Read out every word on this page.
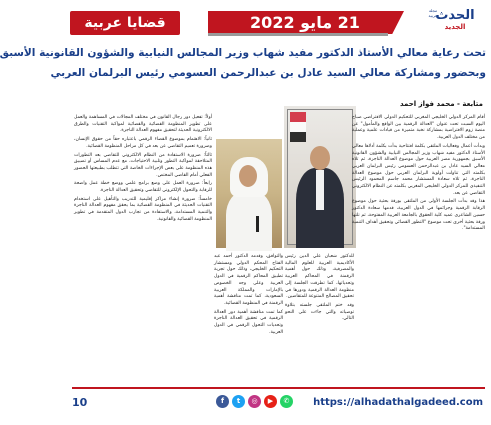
مجلة عربية
الحدث
الجديد
21 مايو 2022
قضايا عربية
تحت رعاية معالي الأستاذ الدكتور مفيد شهاب وزير المجالس النيابية والشؤون القانونية الأسبق
وبحضور ومشاركة معالي السيد عادل بن عبدالرحمن العسومي رئيس البرلمان العربي
متابعة - محمد فواز احمد

أقام المركز الدولي الخليجي المغربي للتحكيم الدولي الافتراضي صباح اليوم السبت تحت عنوان "العدالة الرقمية بين الواقع والمأمول" عن منصة زوم الافتراضية بمشاركة نخبة متميزة من قيادات علمية وعملية من مختلف الدول العربية.

وبدأت أعمال وفعاليات الملتقى بكلمة افتتاحية بدأت بكلمة أدلاها معالي الأستاذ الدكتور مفيد شهاب وزير المجالس النيابية والشؤون القانونية الأسبق بجمهورية مصر العربية حول موضوع العدالة الناجزة، ثم تلاه معالي السيد عادل بن عبدالرحمن العسومي رئيس البرلمان العربي بكلمته التي تناولت أولوية البرلمان العربي حول موضوع العدالة الناجزة، ثم تلاه سعادة المستشار محمد جاسم المحمود الرئيس التنفيذي للمركز الدولي الخليجي المغربي بكلمته عن النظام الالكتروني التقاضي عن بعد.

هذا وقد بدأت الجلسة الأولى من الملتقى بورقة بحثية حول موضوع الرقابة الرقمية وجرائمها في الدول العربية، قدمها سعادة الدكتور حسين الشاعري عميد كلية الحقوق بالجامعة العربية المفتوحة، ثم تلتها ورقة بحثية أخرى تحت موضوع "التطور القضائي وتحقيق أهداف التنمية المستدامة".

للدكتور شعبان علي الدين رئيس الأكاديمية العربية للعلوم المالية والمصرفية، وذلك حول أهمية الرقمنة في المحاكم العربية وتحدياتها، كما تطرقت الجلسة إلى منظومة العدالة الرقمية ودورها في تحقيق المصالح المتنوعة للمتقاضين.

وقد ختم الملتقى جلسته بتلاوة توصياته والتي جاءت على النحو التالي.

والتوافق، وقدمه الدكتور أحمد عبد الفتاح المحكم الدولي ومستشار التحكيم الخليجي، وذلك حول تجربة تطبيق المحاكم الرقمية في الدول العربية وعلى وجه الخصوص بالإمارات والمملكة العربية السعودية، كما تمت مناقشة أهمية الرقمنة في المنظومة القضائية.

كما تمت مناقشة أهمية دور العدالة الرقمية في تحقيق العدالة الناجزة وتحديات التحول الرقمي في الدول العربية.

أولاً: تفعيل دور رجال القانون في مختلف المجالات في المساهمة والعمل على تطوير المنظومة القضائية والقضائية لمواكبة التقنيات والطرق الالكترونية الحديثة لتحقيق مفهوم العدالة الناجزة.

ثانياً: الاهتمام بموضوع القضاء الرقمي باعتباره حقاً من حقوق الإنسان، وضرورة تعميم التقاضي عن بعد في كل مراحل المنظومة القضائية.

ثالثاً: ضرورة الاستفادة من النظام الالكتروني للتقاضي بعد التطورات المتلاحقة لمواكبة التطور وتلبية الاحتياجات، مع عدم المساس أو تضييق هذه المنظومة على بعض الإجراءات الخاصة التي تتطلب بطبيعتها الحضور الفعلي أمام القاضي المختص.

رابعاً: ضرورة العمل على وضع برامج علمي ووضع خطة عمل واضحة للرقابة والتحول الإلكتروني للتقاضي وتحقيق العدالة الناجزة.

خامساً: ضرورة إنشاء مراكز إقليمية للتدريب والتأهيل على استخدام التقنيات الحديثة في المنظومة القضائية بما يحقق مفهوم العدالة الناجزة والتنمية المستدامة، والاستفادة من تجارب الدول المتقدمة في تطوير المنظومة القضائية والقانونية.

10	f	t	◎	▶	✆	https://alhadathalgadeed.com
